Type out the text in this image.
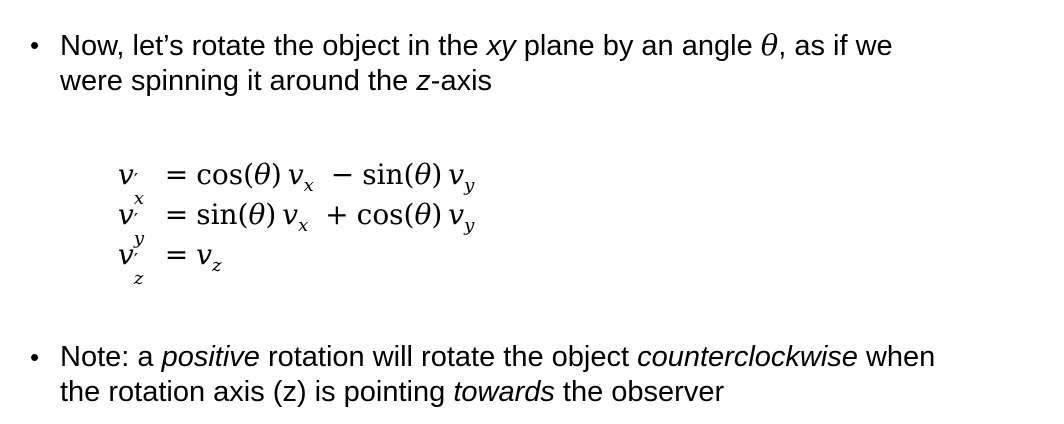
• Now, let’s rotate the object in the xy plane by an angle θ, as if we
were spinning it around the z-axis
v ′
x
= cos(θ) $v_x - \sin(\theta)$ $v_y$
v ′
y
= sin(θ) $v_x + \cos(\theta)$ $v_y$
v ′
z
= $v_z$
• Note: a positive rotation will rotate the object counterclockwise when
the rotation axis (z) is pointing towards the observer
